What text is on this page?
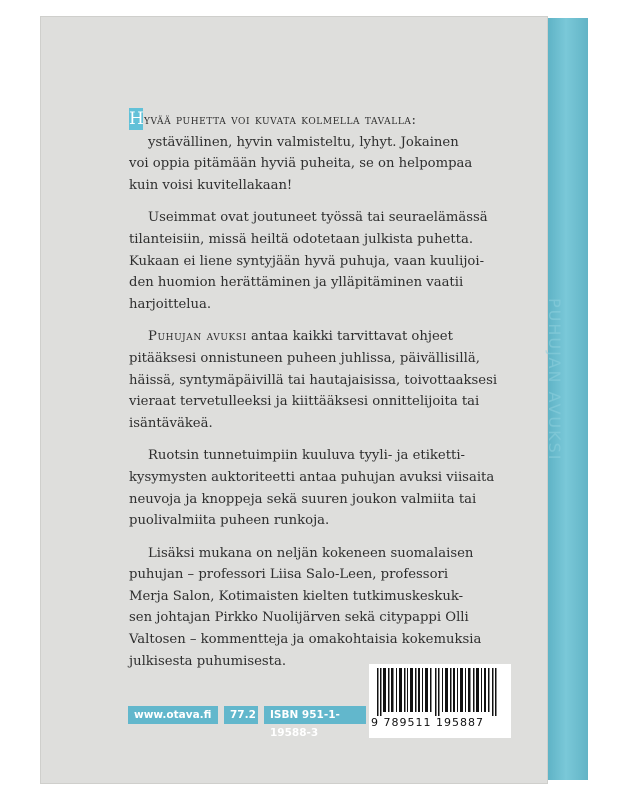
PUHUJAN AVUKSI

Hyvää puhetta voi kuvata kolmella tavalla:
ystävällinen, hyvin valmisteltu, lyhyt. Jokainen
voi oppia pitämään hyviä puheita, se on helpompaa
kuin voisi kuvitellakaan!

Useimmat ovat joutuneet työssä tai seuraelämässä
tilanteisiin, missä heiltä odotetaan julkista puhetta.
Kukaan ei liene syntyjään hyvä puhuja, vaan kuulijoi-
den huomion herättäminen ja ylläpitäminen vaatii
harjoittelua.

Puhujan avuksi antaa kaikki tarvittavat ohjeet
pitääksesi onnistuneen puheen juhlissa, päivällisillä,
häissä, syntymäpäivillä tai hautajaisissa, toivottaaksesi
vieraat tervetulleeksi ja kiittääksesi onnittelijoita tai
isäntäväkeä.

Ruotsin tunnetuimpiin kuuluva tyyli- ja etiketti-
kysymysten auktoriteetti antaa puhujan avuksi viisaita
neuvoja ja knoppeja sekä suuren joukon valmiita tai
puolivalmiita puheen runkoja.

Lisäksi mukana on neljän kokeneen suomalaisen
puhujan – professori Liisa Salo-Leen, professori
Merja Salon, Kotimaisten kielten tutkimuskeskuk-
sen johtajan Pirkko Nuolijärven sekä citypappi Olli
Valtosen – kommentteja ja omakohtaisia kokemuksia
julkisesta puhumisesta.

www.otava.fi	77.2	ISBN 951-1-19588-3
9 789511 195887
